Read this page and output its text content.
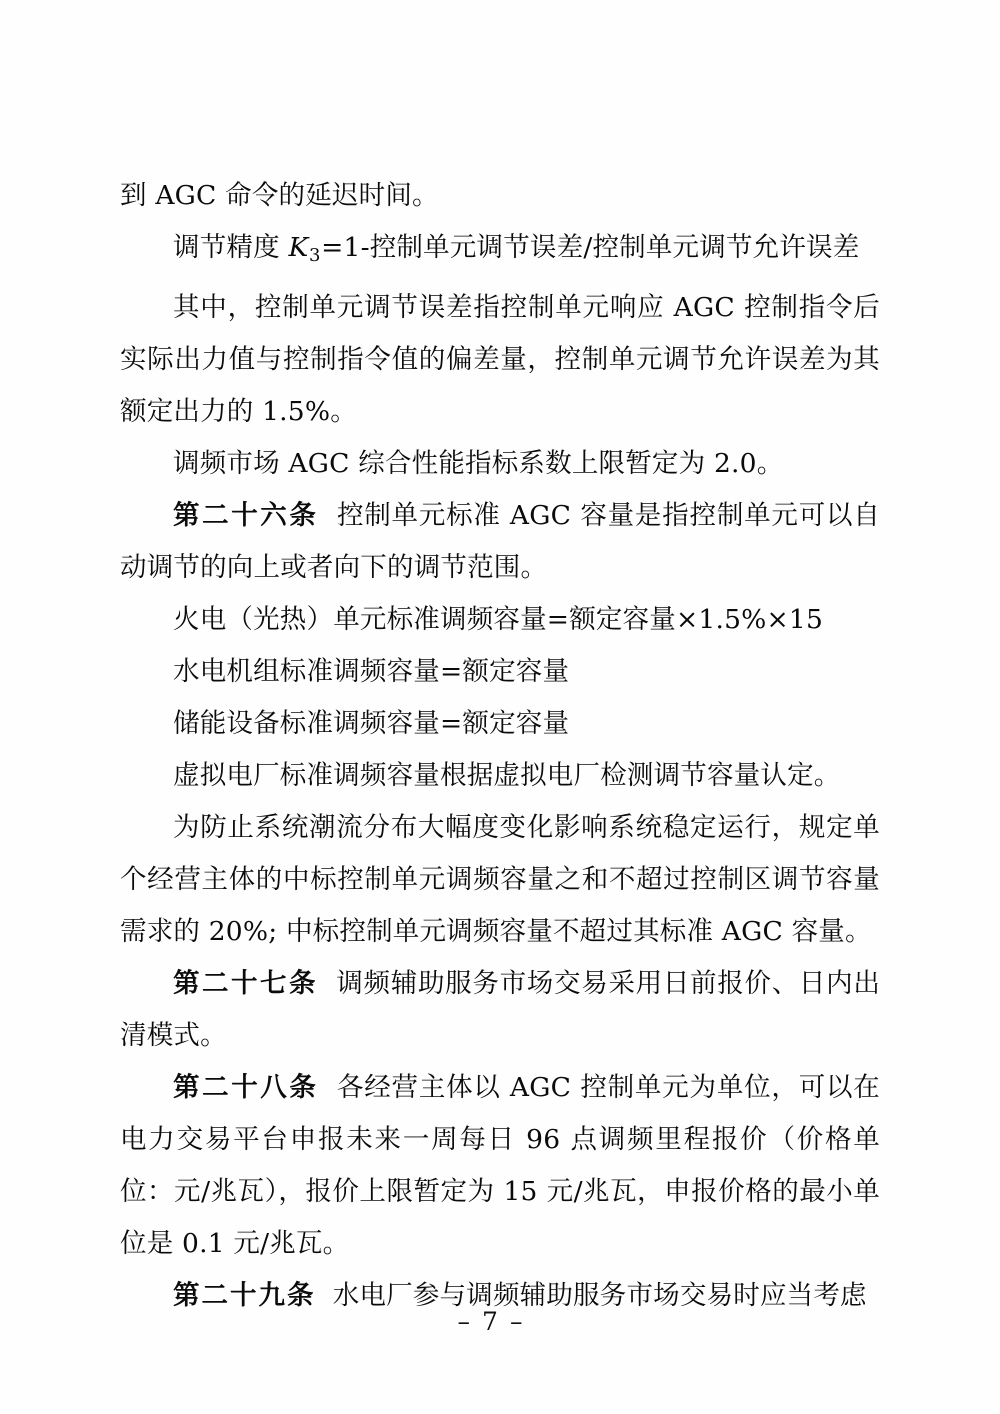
到 AGC 命令的延迟时间。

调节精度 $K_3=1-$控制单元调节误差/控制单元调节允许误差

其中，控制单元调节误差指控制单元响应 AGC 控制指令后实际出力值与控制指令值的偏差量，控制单元调节允许误差为其额定出力的 1.5%。

调频市场 AGC 综合性能指标系数上限暂定为 2.0。

第二十六条 控制单元标准 AGC 容量是指控制单元可以自动调节的向上或者向下的调节范围。

火电（光热）单元标准调频容量=额定容量×1.5%×15

水电机组标准调频容量=额定容量

储能设备标准调频容量=额定容量

虚拟电厂标准调频容量根据虚拟电厂检测调节容量认定。

为防止系统潮流分布大幅度变化影响系统稳定运行，规定单个经营主体的中标控制单元调频容量之和不超过控制区调节容量需求的 20%; 中标控制单元调频容量不超过其标准 AGC 容量。

第二十七条 调频辅助服务市场交易采用日前报价、日内出清模式。

第二十八条 各经营主体以 AGC 控制单元为单位，可以在电力交易平台申报未来一周每日 96 点调频里程报价（价格单位：元/兆瓦），报价上限暂定为 15 元/兆瓦，申报价格的最小单位是 0.1 元/兆瓦。

第二十九条 水电厂参与调频辅助服务市场交易时应当考虑

– 7 –
